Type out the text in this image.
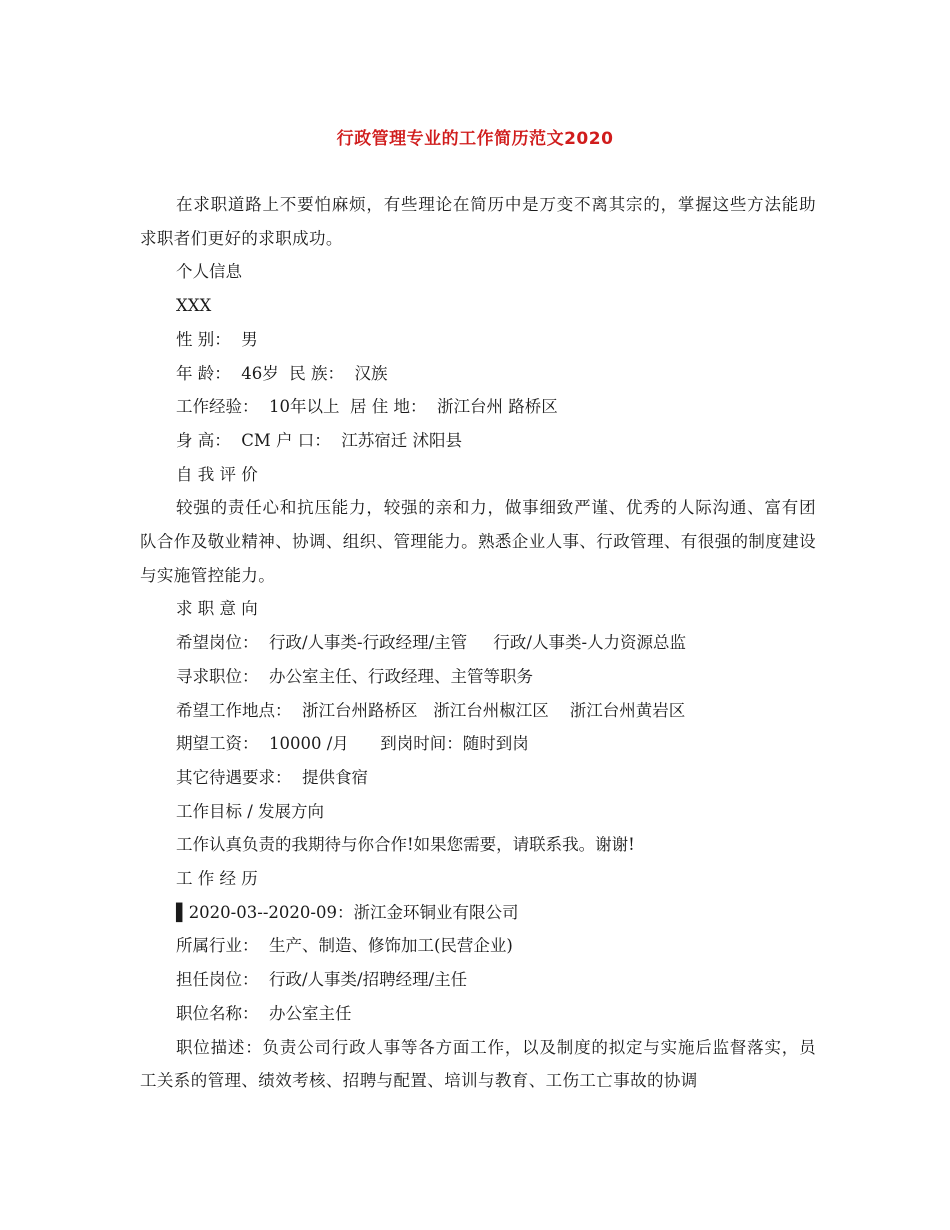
行政管理专业的工作简历范文2020

在求职道路上不要怕麻烦，有些理论在简历中是万变不离其宗的，掌握这些方法能助求职者们更好的求职成功。

个人信息

XXX

性 别：  男

年 龄：  46岁  民 族：  汉族

工作经验：  10年以上  居 住 地：  浙江台州 路桥区

身 高：  CM 户 口：  江苏宿迁 沭阳县

自 我 评 价

较强的责任心和抗压能力，较强的亲和力，做事细致严谨、优秀的人际沟通、富有团队合作及敬业精神、协调、组织、管理能力。熟悉企业人事、行政管理、有很强的制度建设与实施管控能力。

求 职 意 向

希望岗位：  行政/人事类-行政经理/主管     行政/人事类-人力资源总监

寻求职位：  办公室主任、行政经理、主管等职务

希望工作地点：  浙江台州路桥区   浙江台州椒江区    浙江台州黄岩区

期望工资：  10000 /月      到岗时间：随时到岗

其它待遇要求：  提供食宿

工作目标 / 发展方向

工作认真负责的我期待与你合作!如果您需要，请联系我。谢谢!

工 作 经 历

▌2020-03--2020-09：浙江金环铜业有限公司

所属行业：  生产、制造、修饰加工(民营企业)

担任岗位：  行政/人事类/招聘经理/主任

职位名称：  办公室主任

职位描述：负责公司行政人事等各方面工作，以及制度的拟定与实施后监督落实，员工关系的管理、绩效考核、招聘与配置、培训与教育、工伤工亡事故的协调
